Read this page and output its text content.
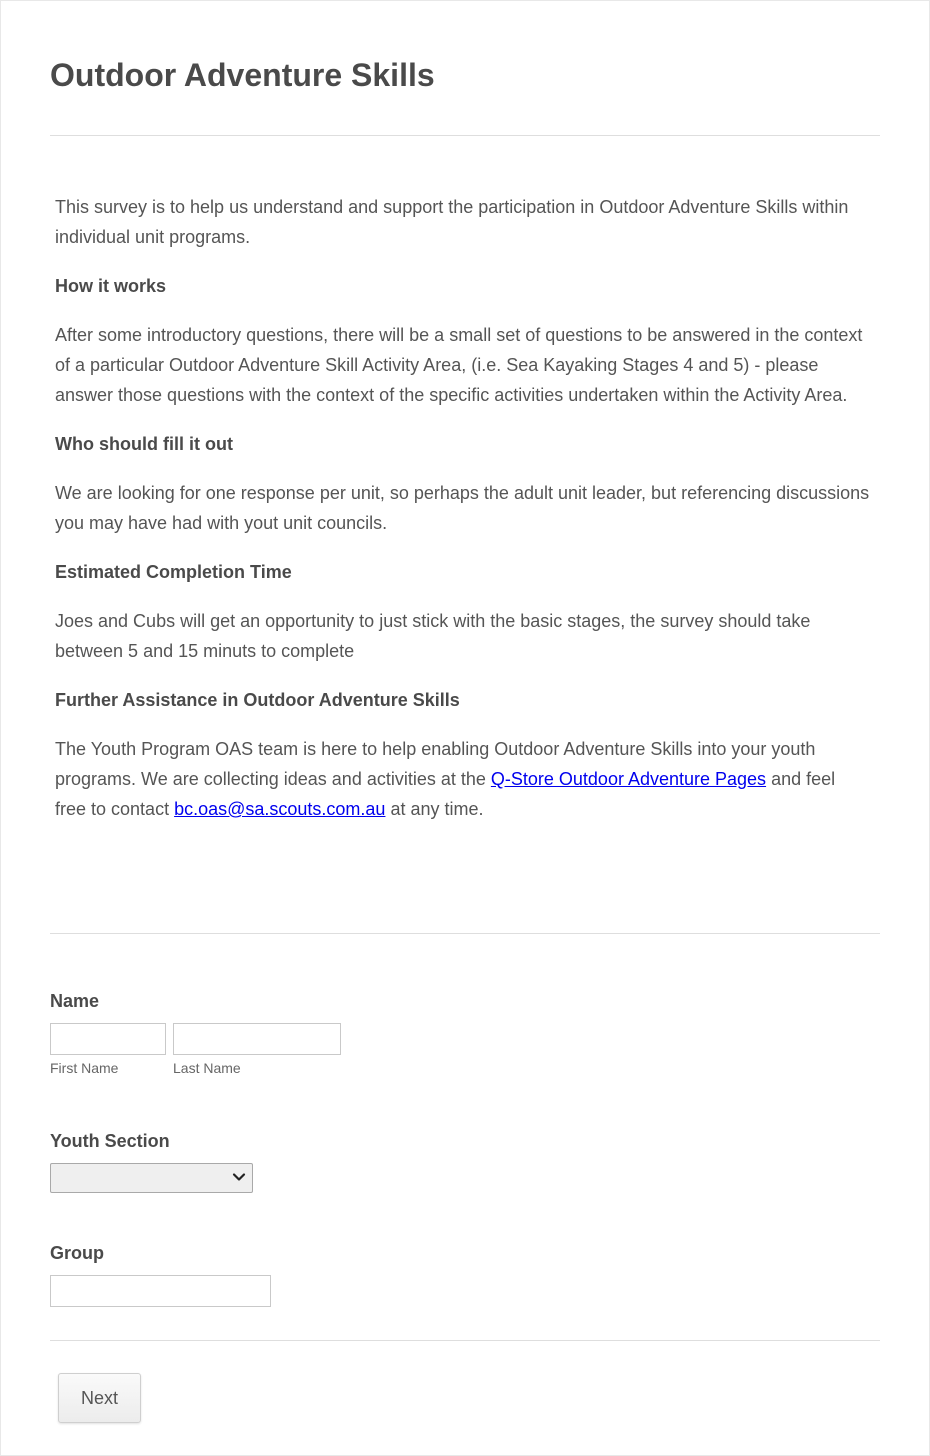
Outdoor Adventure Skills

This survey is to help us understand and support the participation in Outdoor Adventure Skills within individual unit programs.

How it works

After some introductory questions, there will be a small set of questions to be answered in the context of a particular Outdoor Adventure Skill Activity Area, (i.e. Sea Kayaking Stages 4 and 5) - please answer those questions with the context of the specific activities undertaken within the Activity Area.

Who should fill it out

We are looking for one response per unit, so perhaps the adult unit leader, but referencing discussions you may have had with yout unit councils.

Estimated Completion Time

Joes and Cubs will get an opportunity to just stick with the basic stages, the survey should take between 5 and 15 minuts to complete

Further Assistance in Outdoor Adventure Skills

The Youth Program OAS team is here to help enabling Outdoor Adventure Skills into your youth programs. We are collecting ideas and activities at the Q-Store Outdoor Adventure Pages and feel free to contact bc.oas@sa.scouts.com.au at any time.

Name
First Name	Last Name
Youth Section
Group
Next
